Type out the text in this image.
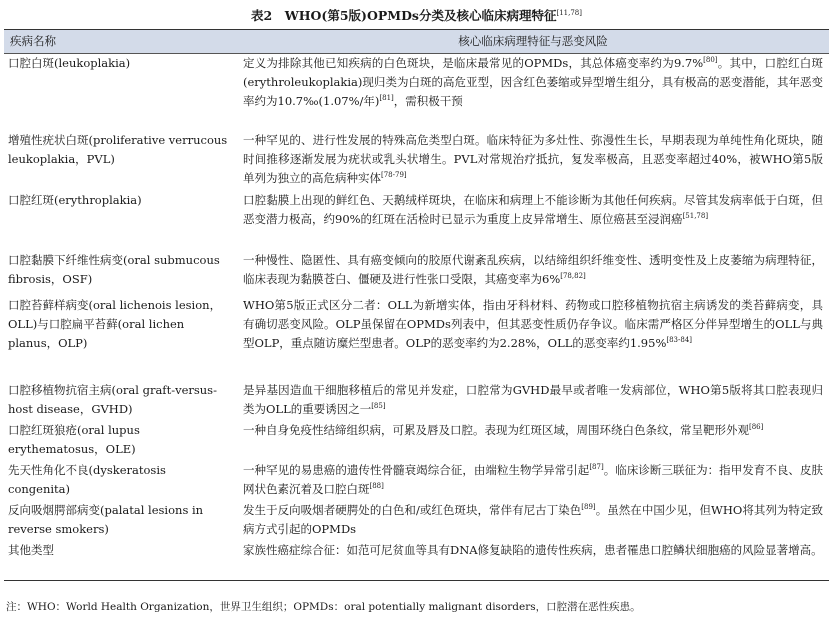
表2　WHO(第5版)OPMDs分类及核心临床病理特征[11,78]
疾病名称	核心临床病理特征与恶变风险
口腔白斑(leukoplakia)	定义为排除其他已知疾病的白色斑块，是临床最常见的OPMDs，其总体癌变率约为9.7%[80]。其中，口腔红白斑(erythroleukoplakia)现归类为白斑的高危亚型，因含红色萎缩或异型增生组分，具有极高的恶变潜能，其年恶变率约为10.7‰(1.07%/年)[81]，需积极干预
增殖性疣状白斑(proliferative verrucous leukoplakia，PVL)	一种罕见的、进行性发展的特殊高危类型白斑。临床特征为多灶性、弥漫性生长，早期表现为单纯性角化斑块，随时间推移逐渐发展为疣状或乳头状增生。PVL对常规治疗抵抗，复发率极高，且恶变率超过40%，被WHO第5版单列为独立的高危病种实体[78-79]
口腔红斑(erythroplakia)	口腔黏膜上出现的鲜红色、天鹅绒样斑块，在临床和病理上不能诊断为其他任何疾病。尽管其发病率低于白斑，但恶变潜力极高，约90%的红斑在活检时已显示为重度上皮异常增生、原位癌甚至浸润癌[51,78]
口腔黏膜下纤维性病变(oral submucous fibrosis，OSF)	一种慢性、隐匿性、具有癌变倾向的胶原代谢紊乱疾病，以结缔组织纤维变性、透明变性及上皮萎缩为病理特征，临床表现为黏膜苍白、僵硬及进行性张口受限，其癌变率为6%[78,82]
口腔苔藓样病变(oral lichenois lesion，OLL)与口腔扁平苔藓(oral lichen planus，OLP)	WHO第5版正式区分二者：OLL为新增实体，指由牙科材料、药物或口腔移植物抗宿主病诱发的类苔藓病变，具有确切恶变风险。OLP虽保留在OPMDs列表中，但其恶变性质仍存争议。临床需严格区分伴异型增生的OLL与典型OLP，重点随访糜烂型患者。OLP的恶变率约为2.28%，OLL的恶变率约1.95%[83-84]
口腔移植物抗宿主病(oral graft-versus-host disease，GVHD)	是异基因造血干细胞移植后的常见并发症，口腔常为GVHD最早或者唯一发病部位，WHO第5版将其口腔表现归类为OLL的重要诱因之一[85]
口腔红斑狼疮(oral lupus erythematosus，OLE)	一种自身免疫性结缔组织病，可累及唇及口腔。表现为红斑区域，周围环绕白色条纹，常呈靶形外观[86]
先天性角化不良(dyskeratosis congenita)	一种罕见的易患癌的遗传性骨髓衰竭综合征，由端粒生物学异常引起[87]。临床诊断三联征为：指甲发育不良、皮肤网状色素沉着及口腔白斑[88]
反向吸烟腭部病变(palatal lesions in reverse smokers)	发生于反向吸烟者硬腭处的白色和/或红色斑块，常伴有尼古丁染色[89]。虽然在中国少见，但WHO将其列为特定致病方式引起的OPMDs
其他类型	家族性癌症综合征：如范可尼贫血等具有DNA修复缺陷的遗传性疾病，患者罹患口腔鳞状细胞癌的风险显著增高。
注：WHO：World Health Organization，世界卫生组织；OPMDs：oral potentially malignant disorders，口腔潜在恶性疾患。
